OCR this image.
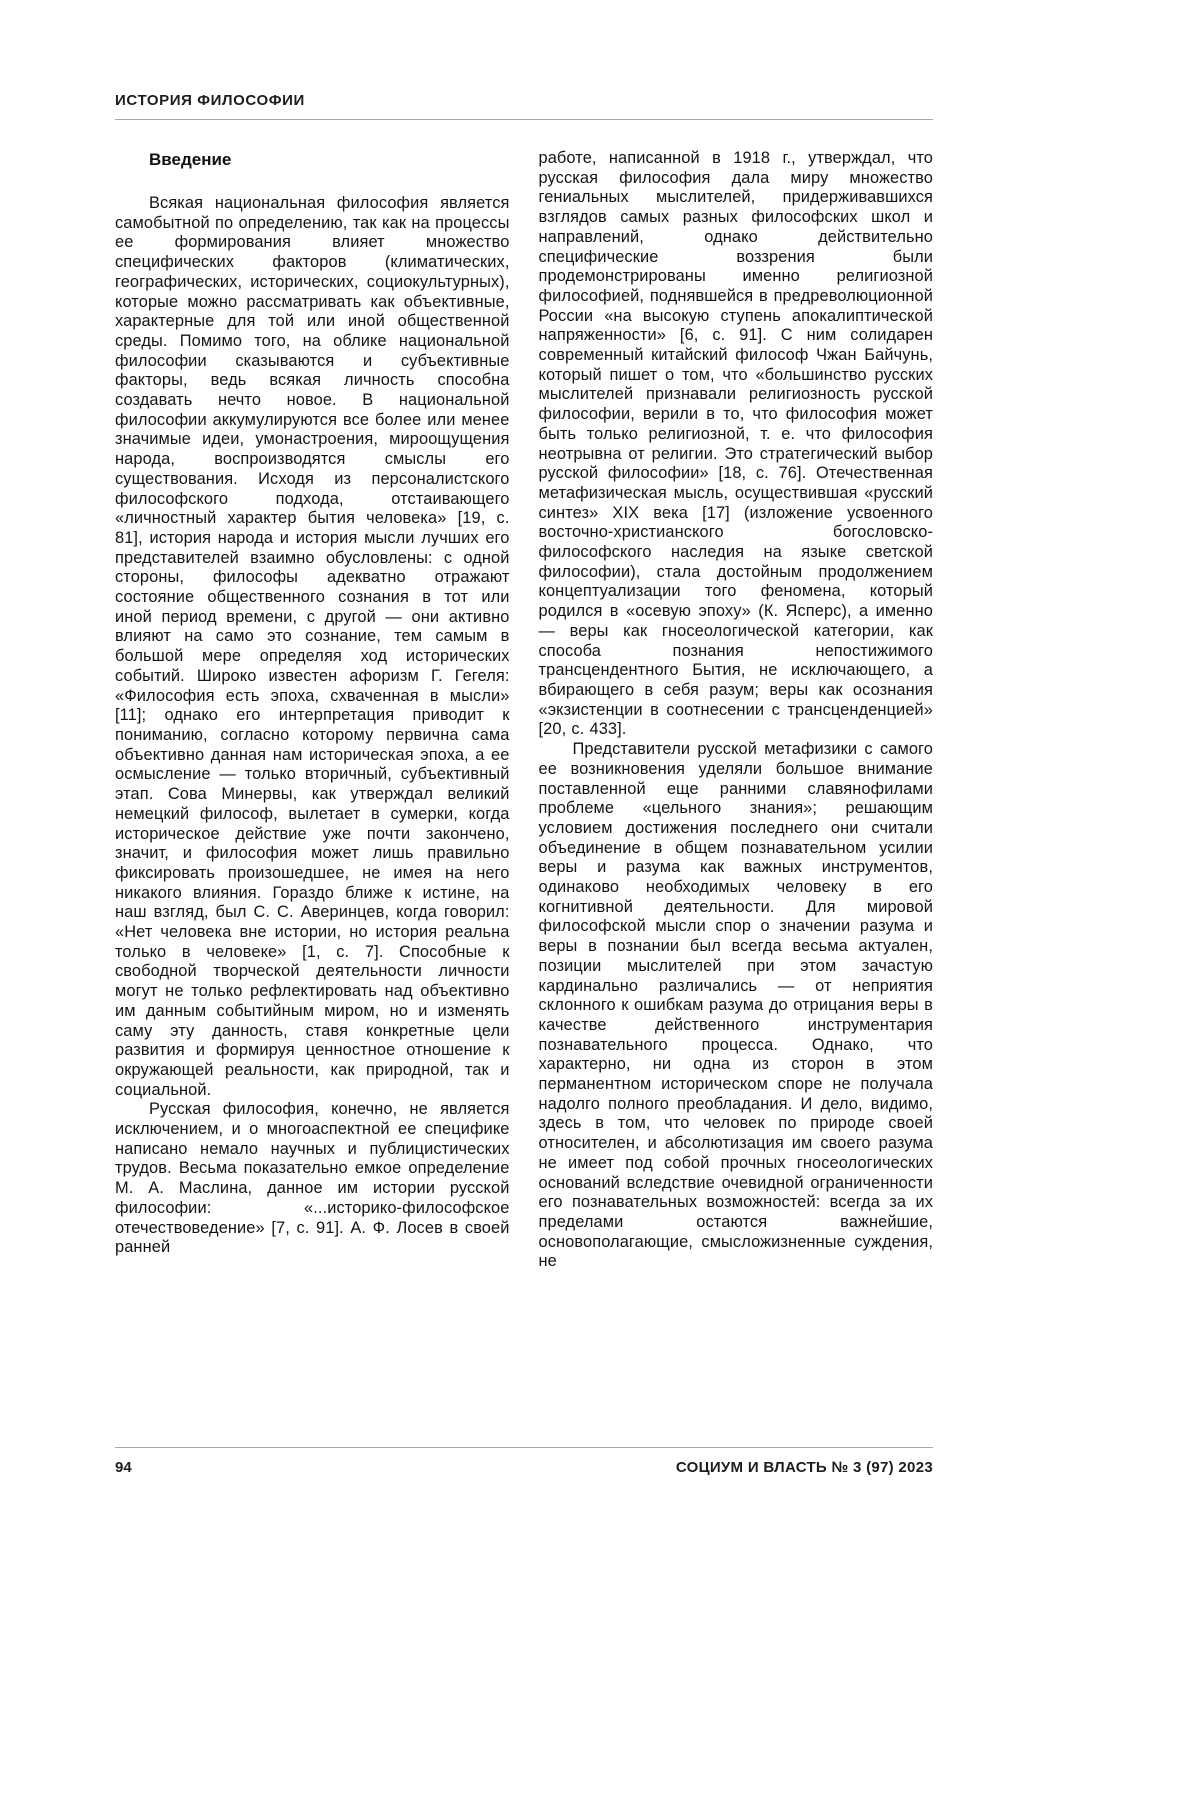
ИСТОРИЯ ФИЛОСОФИИ
Введение

Всякая национальная философия является самобытной по определению, так как на процессы ее формирования влияет множество специфических факторов (климатических, географических, исторических, социокультурных), которые можно рассматривать как объективные, характерные для той или иной общественной среды. Помимо того, на облике национальной философии сказываются и субъективные факторы, ведь всякая личность способна создавать нечто новое. В национальной философии аккумулируются все более или менее значимые идеи, умонастроения, мироощущения народа, воспроизводятся смыслы его существования. Исходя из персоналистского философского подхода, отстаивающего «личностный характер бытия человека» [19, с. 81], история народа и история мысли лучших его представителей взаимно обусловлены: с одной стороны, философы адекватно отражают состояние общественного сознания в тот или иной период времени, с другой — они активно влияют на само это сознание, тем самым в большой мере определяя ход исторических событий. Широко известен афоризм Г. Гегеля: «Философия есть эпоха, схваченная в мысли» [11]; однако его интерпретация приводит к пониманию, согласно которому первична сама объективно данная нам историческая эпоха, а ее осмысление — только вторичный, субъективный этап. Сова Минервы, как утверждал великий немецкий философ, вылетает в сумерки, когда историческое действие уже почти закончено, значит, и философия может лишь правильно фиксировать произошедшее, не имея на него никакого влияния. Гораздо ближе к истине, на наш взгляд, был С. С. Аверинцев, когда говорил: «Нет человека вне истории, но история реальна только в человеке» [1, с. 7]. Способные к свободной творческой деятельности личности могут не только рефлектировать над объективно им данным событийным миром, но и изменять саму эту данность, ставя конкретные цели развития и формируя ценностное отношение к окружающей реальности, как природной, так и социальной.

Русская философия, конечно, не является исключением, и о многоаспектной ее специфике написано немало научных и публицистических трудов. Весьма показательно емкое определение М. А. Маслина, данное им истории русской философии: «...историко-философское отечествоведение» [7, с. 91]. А. Ф. Лосев в своей ранней

работе, написанной в 1918 г., утверждал, что русская философия дала миру множество гениальных мыслителей, придерживавшихся взглядов самых разных философских школ и направлений, однако действительно специфические воззрения были продемонстрированы именно религиозной философией, поднявшейся в предреволюционной России «на высокую ступень апокалиптической напряженности» [6, с. 91]. С ним солидарен современный китайский философ Чжан Байчунь, который пишет о том, что «большинство русских мыслителей признавали религиозность русской философии, верили в то, что философия может быть только религиозной, т. е. что философия неотрывна от религии. Это стратегический выбор русской философии» [18, с. 76]. Отечественная метафизическая мысль, осуществившая «русский синтез» XIX века [17] (изложение усвоенного восточно-христианского богословско-философского наследия на языке светской философии), стала достойным продолжением концептуализации того феномена, который родился в «осевую эпоху» (К. Ясперс), а именно — веры как гносеологической категории, как способа познания непостижимого трансцендентного Бытия, не исключающего, а вбирающего в себя разум; веры как осознания «экзистенции в соотнесении с трансценденцией» [20, с. 433].

Представители русской метафизики с самого ее возникновения уделяли большое внимание поставленной еще ранними славянофилами проблеме «цельного знания»; решающим условием достижения последнего они считали объединение в общем познавательном усилии веры и разума как важных инструментов, одинаково необходимых человеку в его когнитивной деятельности. Для мировой философской мысли спор о значении разума и веры в познании был всегда весьма актуален, позиции мыслителей при этом зачастую кардинально различались — от неприятия склонного к ошибкам разума до отрицания веры в качестве действенного инструментария познавательного процесса. Однако, что характерно, ни одна из сторон в этом перманентном историческом споре не получала надолго полного преобладания. И дело, видимо, здесь в том, что человек по природе своей относителен, и абсолютизация им своего разума не имеет под собой прочных гносеологических оснований вследствие очевидной ограниченности его познавательных возможностей: всегда за их пределами остаются важнейшие, основополагающие, смысложизненные суждения, не

94	СОЦИУМ И ВЛАСТЬ № 3 (97) 2023
